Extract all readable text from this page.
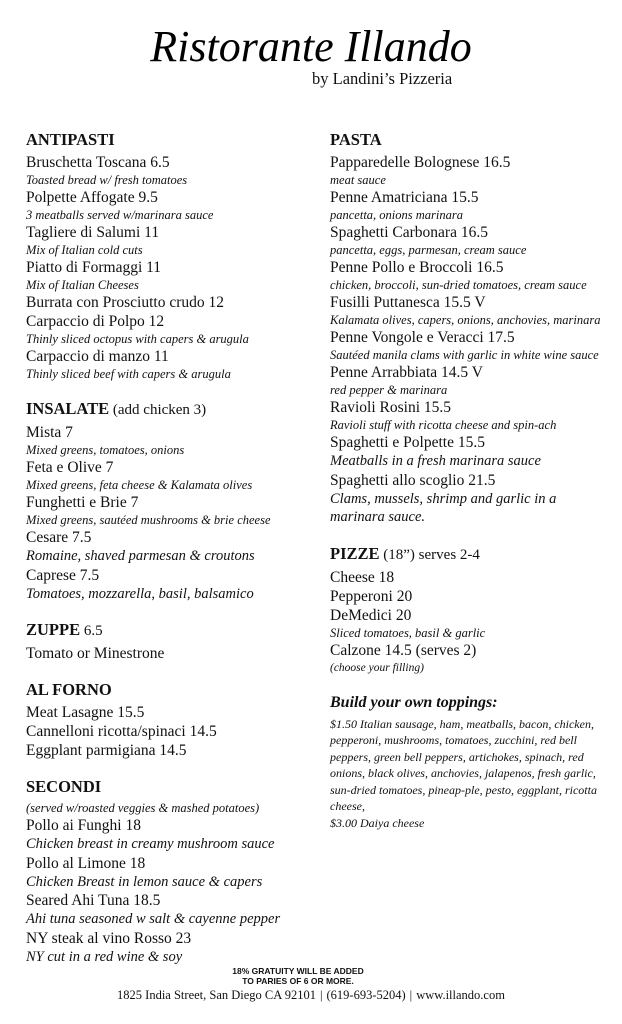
Ristorante Illando
by Landini’s Pizzeria
ANTIPASTI
Bruschetta Toscana 6.5
Toasted bread w/ fresh tomatoes
Polpette Affogate 9.5
3 meatballs served w/marinara sauce
Tagliere di Salumi 11
Mix of Italian cold cuts
Piatto di Formaggi 11
Mix of Italian Cheeses
Burrata con Prosciutto crudo 12
Carpaccio di Polpo 12
Thinly sliced octopus with capers & arugula
Carpaccio di manzo 11
Thinly sliced beef with capers & arugula
INSALATE (add chicken 3)
Mista 7
Mixed greens, tomatoes, onions
Feta e Olive 7
Mixed greens, feta cheese & Kalamata olives
Funghetti e Brie 7
Mixed greens, sautéed mushrooms & brie cheese
Cesare 7.5
Romaine, shaved parmesan & croutons
Caprese 7.5
Tomatoes, mozzarella, basil, balsamico
ZUPPE 6.5
Tomato or Minestrone
AL FORNO
Meat Lasagne 15.5
Cannelloni ricotta/spinaci 14.5
Eggplant parmigiana 14.5
SECONDI
(served w/roasted veggies & mashed potatoes)
Pollo ai Funghi 18
Chicken breast in creamy mushroom sauce
Pollo al Limone 18
Chicken Breast in lemon sauce & capers
Seared Ahi Tuna 18.5
Ahi tuna seasoned w salt & cayenne pepper
NY steak al vino Rosso 23
NY cut in a red wine & soy
PASTA
Papparedelle Bolognese 16.5
meat sauce
Penne Amatriciana 15.5
pancetta, onions marinara
Spaghetti Carbonara 16.5
pancetta, eggs, parmesan, cream sauce
Penne Pollo e Broccoli 16.5
chicken, broccoli, sun-dried tomatoes, cream sauce
Fusilli Puttanesca 15.5 V
Kalamata olives, capers, onions, anchovies, marinara
Penne Vongole e Veracci 17.5
Sautéed manila clams with garlic in white wine sauce
Penne Arrabbiata 14.5 V
red pepper & marinara
Ravioli Rosini 15.5
Ravioli stuff with ricotta cheese and spin-ach
Spaghetti e Polpette 15.5
Meatballs in a fresh marinara sauce
Spaghetti allo scoglio 21.5
Clams, mussels, shrimp and garlic in a marinara sauce.
PIZZE (18”) serves 2-4
Cheese 18
Pepperoni 20
DeMedici 20
Sliced tomatoes, basil & garlic
Calzone 14.5 (serves 2)
(choose your filling)
Build your own toppings:
$1.50 Italian sausage, ham, meatballs, bacon, chicken, pepperoni, mushrooms, tomatoes, zucchini, red bell peppers, green bell peppers, artichokes, spinach, red onions, black olives, anchovies, jalapenos, fresh garlic, sun-dried tomatoes, pineap-ple, pesto, eggplant, ricotta cheese,
$3.00 Daiya cheese
18% GRATUITY WILL BE ADDED
TO PARIES OF 6 OR MORE.
1825 India Street, San Diego CA 92101 | (619-693-5204) | www.illando.com
